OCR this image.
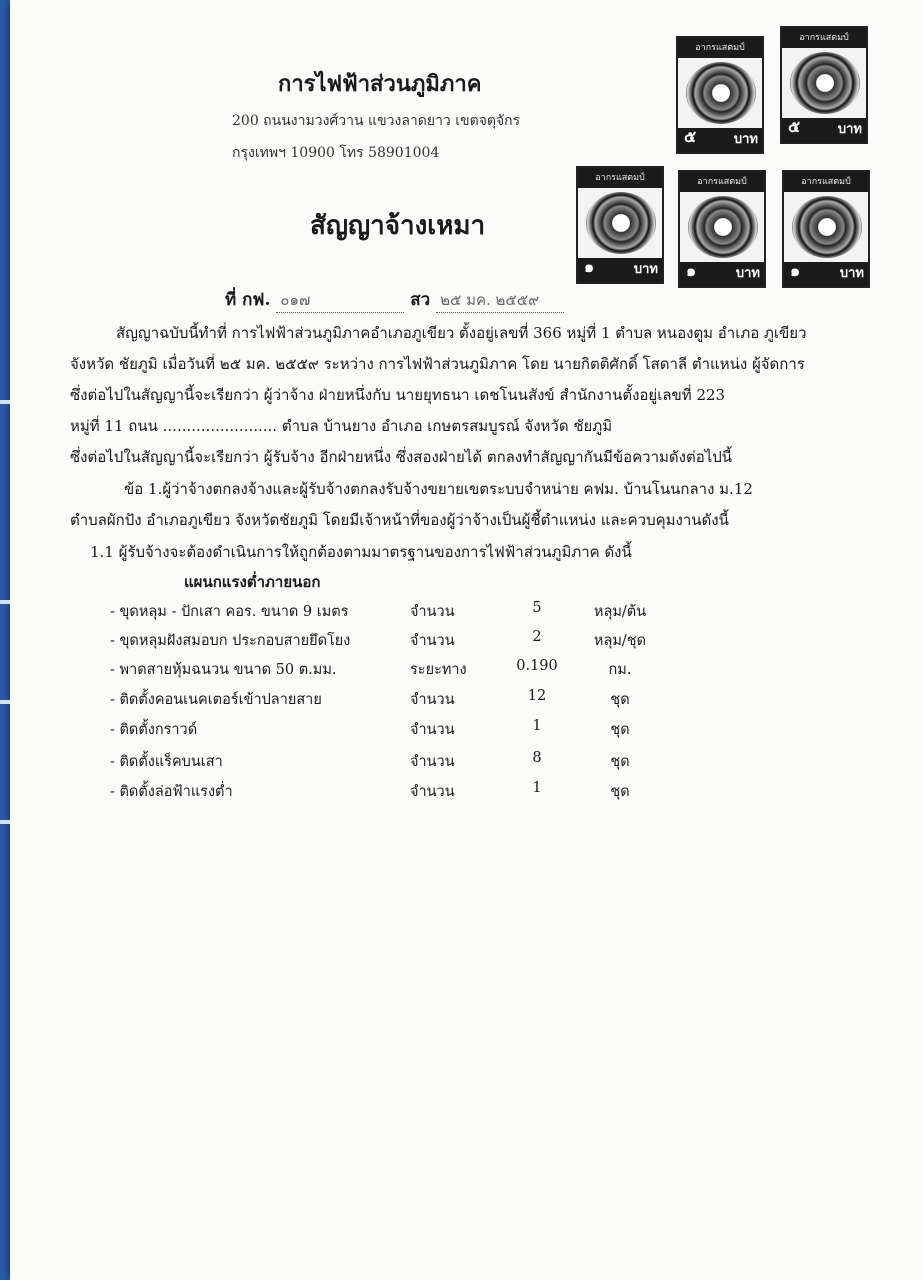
การไฟฟ้าส่วนภูมิภาค
200 ถนนงามวงศ์วาน แขวงลาดยาว เขตจตุจักร
กรุงเทพฯ 10900 โทร 58901004
อากรแสตมป์
๕	บาท
อากรแสตมป์
๕	บาท
อากรแสตมป์
๑	บาท
อากรแสตมป์
๑	บาท
อากรแสตมป์
๑	บาท
สัญญาจ้างเหมา
ที่ กฟ. ๐๑๗	สว ๒๕ มค. ๒๕๕๙
สัญญาฉบับนี้ทำที่ การไฟฟ้าส่วนภูมิภาคอำเภอภูเขียว ตั้งอยู่เลขที่ 366 หมู่ที่ 1 ตำบล หนองตูม อำเภอ ภูเขียว
จังหวัด ชัยภูมิ เมื่อวันที่ ๒๕ มค. ๒๕๕๙ ระหว่าง การไฟฟ้าส่วนภูมิภาค โดย นายกิตติศักดิ์ โสดาลี ตำแหน่ง ผู้จัดการ
ซึ่งต่อไปในสัญญานี้จะเรียกว่า ผู้ว่าจ้าง ฝ่ายหนึ่งกับ นายยุทธนา เดชโนนสังข์ สำนักงานตั้งอยู่เลขที่ 223
หมู่ที่ 11 ถนน ........................ ตำบล บ้านยาง อำเภอ เกษตรสมบูรณ์ จังหวัด ชัยภูมิ
ซึ่งต่อไปในสัญญานี้จะเรียกว่า ผู้รับจ้าง อีกฝ่ายหนึ่ง ซึ่งสองฝ่ายได้ ตกลงทำสัญญากันมีข้อความดังต่อไปนี้
ข้อ 1.ผู้ว่าจ้างตกลงจ้างและผู้รับจ้างตกลงรับจ้างขยายเขตระบบจำหน่าย คฟม. บ้านโนนกลาง ม.12
ตำบลผักปัง อำเภอภูเขียว จังหวัดชัยภูมิ โดยมีเจ้าหน้าที่ของผู้ว่าจ้างเป็นผู้ชี้ตำแหน่ง และควบคุมงานดังนี้
1.1 ผู้รับจ้างจะต้องดำเนินการให้ถูกต้องตามมาตรฐานของการไฟฟ้าส่วนภูมิภาค ดังนี้
แผนกแรงต่ำภายนอก
- ขุดหลุม - ปักเสา คอร. ขนาด 9 เมตร	จำนวน	5	หลุม/ต้น
- ขุดหลุมฝังสมอบก ประกอบสายยึดโยง	จำนวน	2	หลุม/ชุด
- พาดสายหุ้มฉนวน ขนาด 50 ต.มม.	ระยะทาง	0.190	กม.
- ติดตั้งคอนเนคเตอร์เข้าปลายสาย	จำนวน	12	ชุด
- ติดตั้งกราวด์	จำนวน	1	ชุด
- ติดตั้งแร็คบนเสา	จำนวน	8	ชุด
- ติดตั้งล่อฟ้าแรงต่ำ	จำนวน	1	ชุด
